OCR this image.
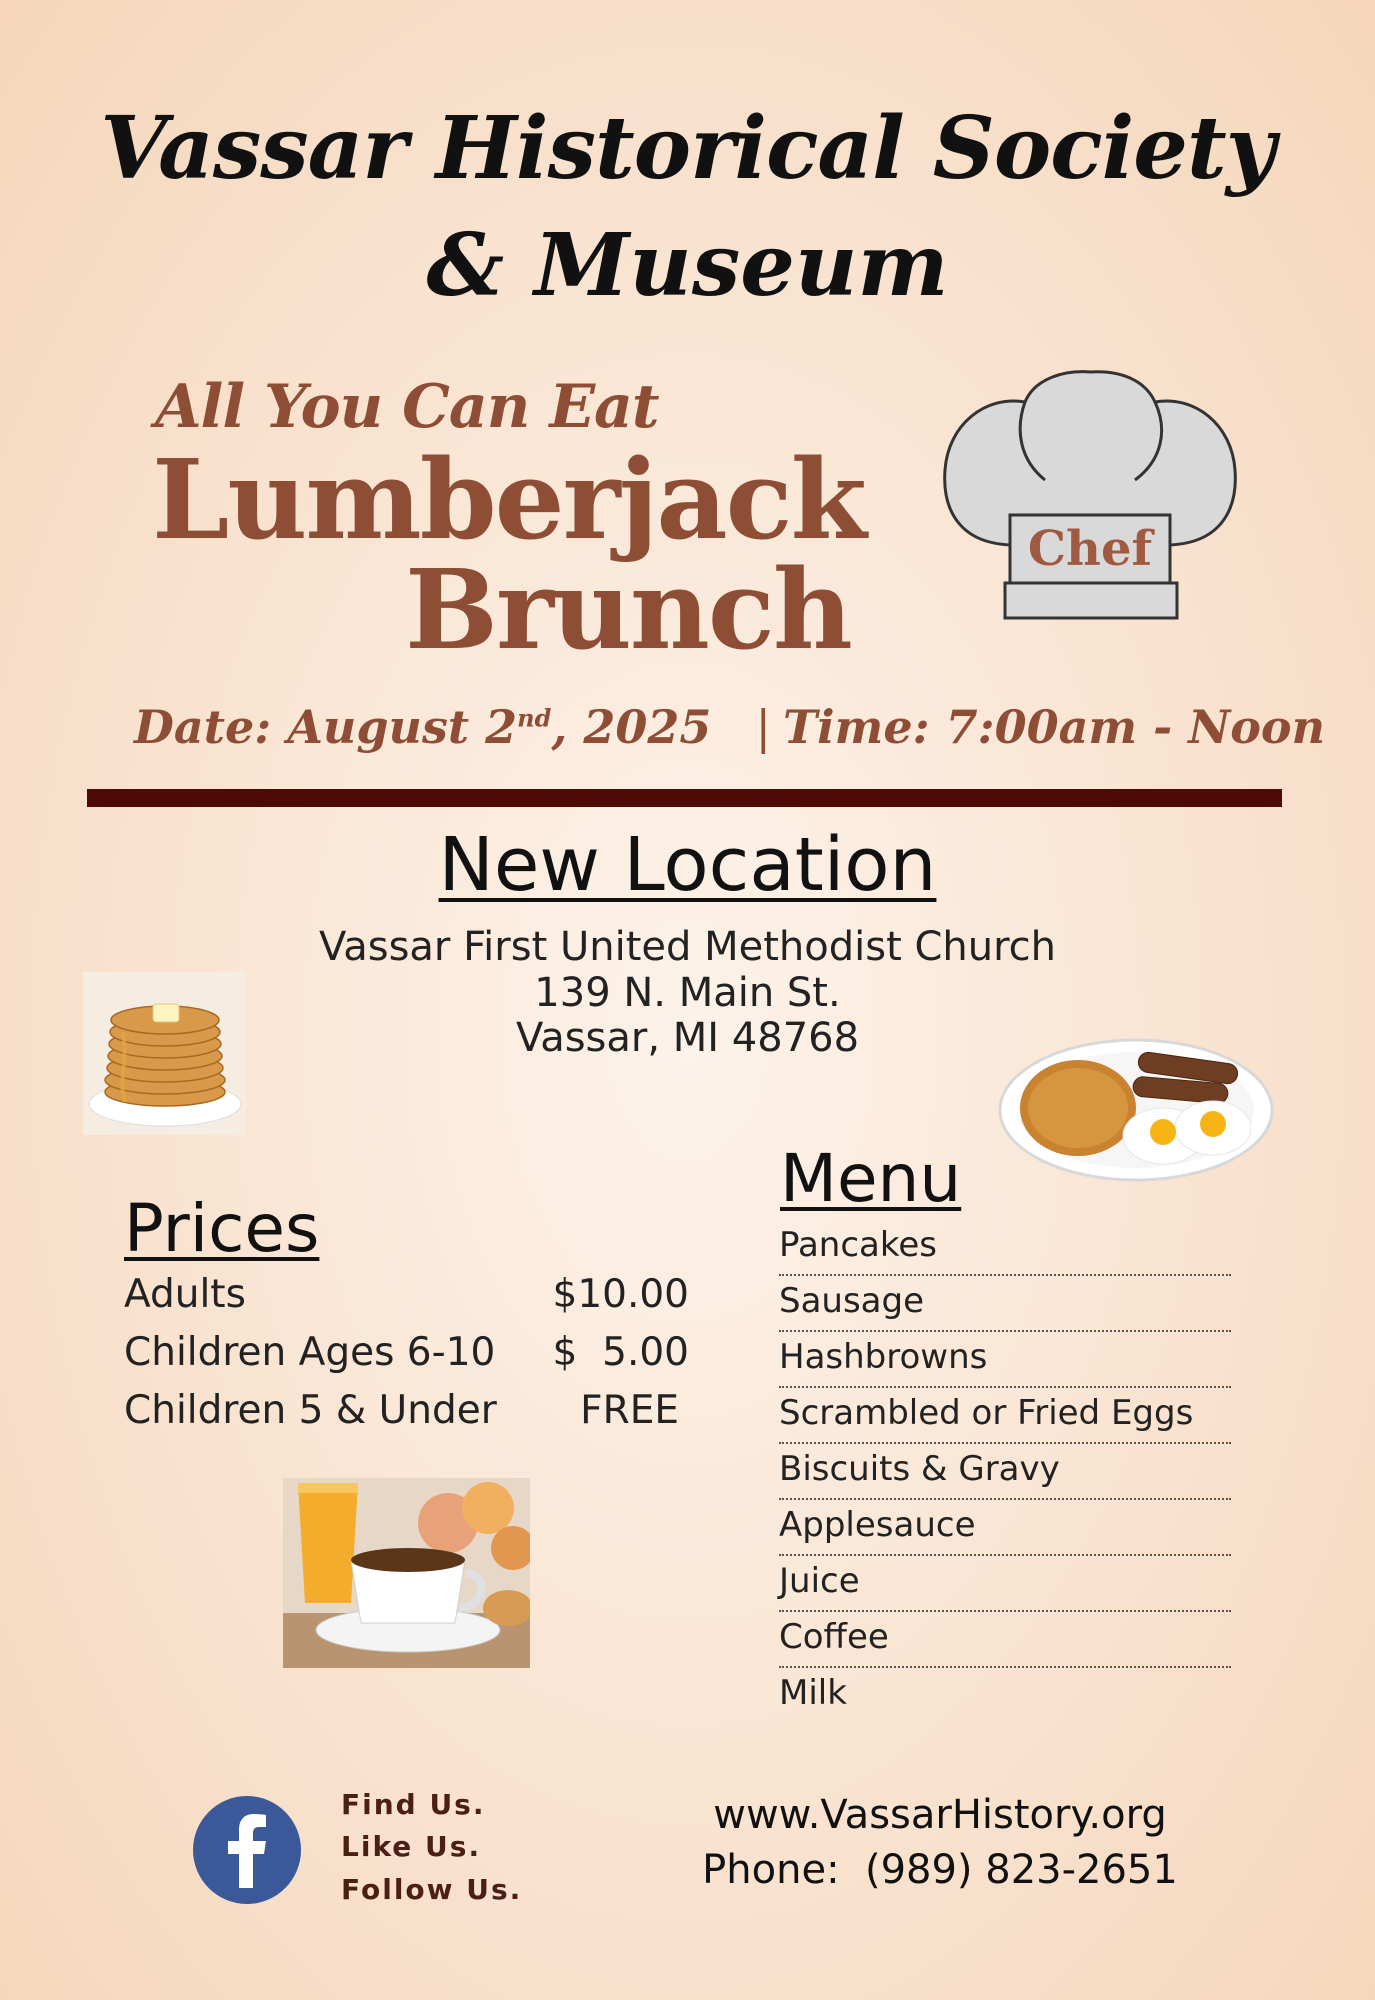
Vassar Historical Society
& Museum
All You Can Eat
Lumberjack
Brunch	Chef
Date: August 2nd, 2025 | Time: 7:00am - Noon
New Location
Vassar First United Methodist Church
139 N. Main St.
Vassar, MI 48768
Prices
Adults	$10.00
Children Ages 6-10 $  5.00
Children 5 & Under FREE
Menu
Pancakes
Sausage
Hashbrowns
Scrambled or Fried Eggs
Biscuits & Gravy
Applesauce
Juice
Coffee
Milk
Find Us.
Like Us.
Follow Us.
www.VassarHistory.org
Phone:  (989) 823-2651
